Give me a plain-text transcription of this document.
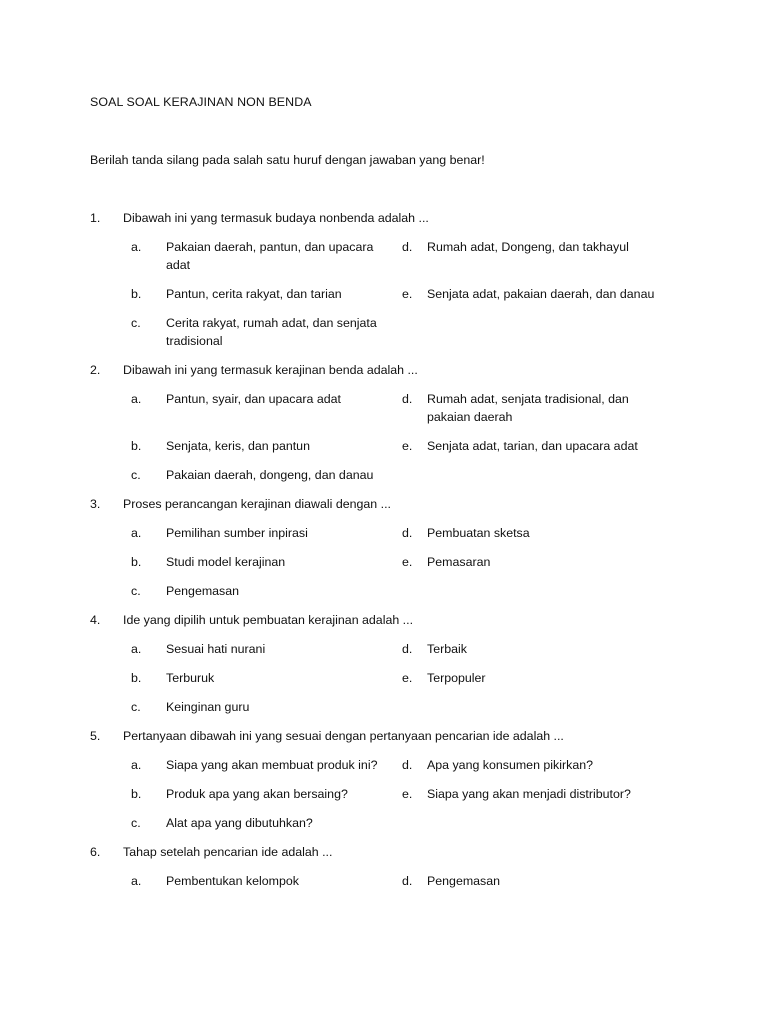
SOAL SOAL KERAJINAN NON BENDA
Berilah tanda silang pada salah satu huruf dengan jawaban yang benar!
1. Dibawah ini yang termasuk budaya nonbenda adalah ...
a. Pakaian daerah, pantun, dan upacara adat
d. Rumah adat, Dongeng, dan takhayul
b. Pantun, cerita rakyat, dan tarian	e. Senjata adat, pakaian daerah, dan danau
c. Cerita rakyat, rumah adat, dan senjata tradisional
2. Dibawah ini yang termasuk kerajinan benda adalah ...
a. Pantun, syair, dan upacara adat	d. Rumah adat, senjata tradisional, dan pakaian daerah
b. Senjata, keris, dan pantun	e. Senjata adat, tarian, dan upacara adat
c. Pakaian daerah, dongeng, dan danau
3. Proses perancangan kerajinan diawali dengan ...
a. Pemilihan sumber inpirasi	d. Pembuatan sketsa
b. Studi model kerajinan	e. Pemasaran
c. Pengemasan
4. Ide yang dipilih untuk pembuatan kerajinan adalah ...
a. Sesuai hati nurani	d. Terbaik
b. Terburuk	e. Terpopuler
c. Keinginan guru
5. Pertanyaan dibawah ini yang sesuai dengan pertanyaan pencarian ide adalah ...
a. Siapa yang akan membuat produk ini?	d. Apa yang konsumen pikirkan?
b. Produk apa yang akan bersaing?	e. Siapa yang akan menjadi distributor?
c. Alat apa yang dibutuhkan?
6. Tahap setelah pencarian ide adalah ...
a. Pembentukan kelompok	d. Pengemasan
